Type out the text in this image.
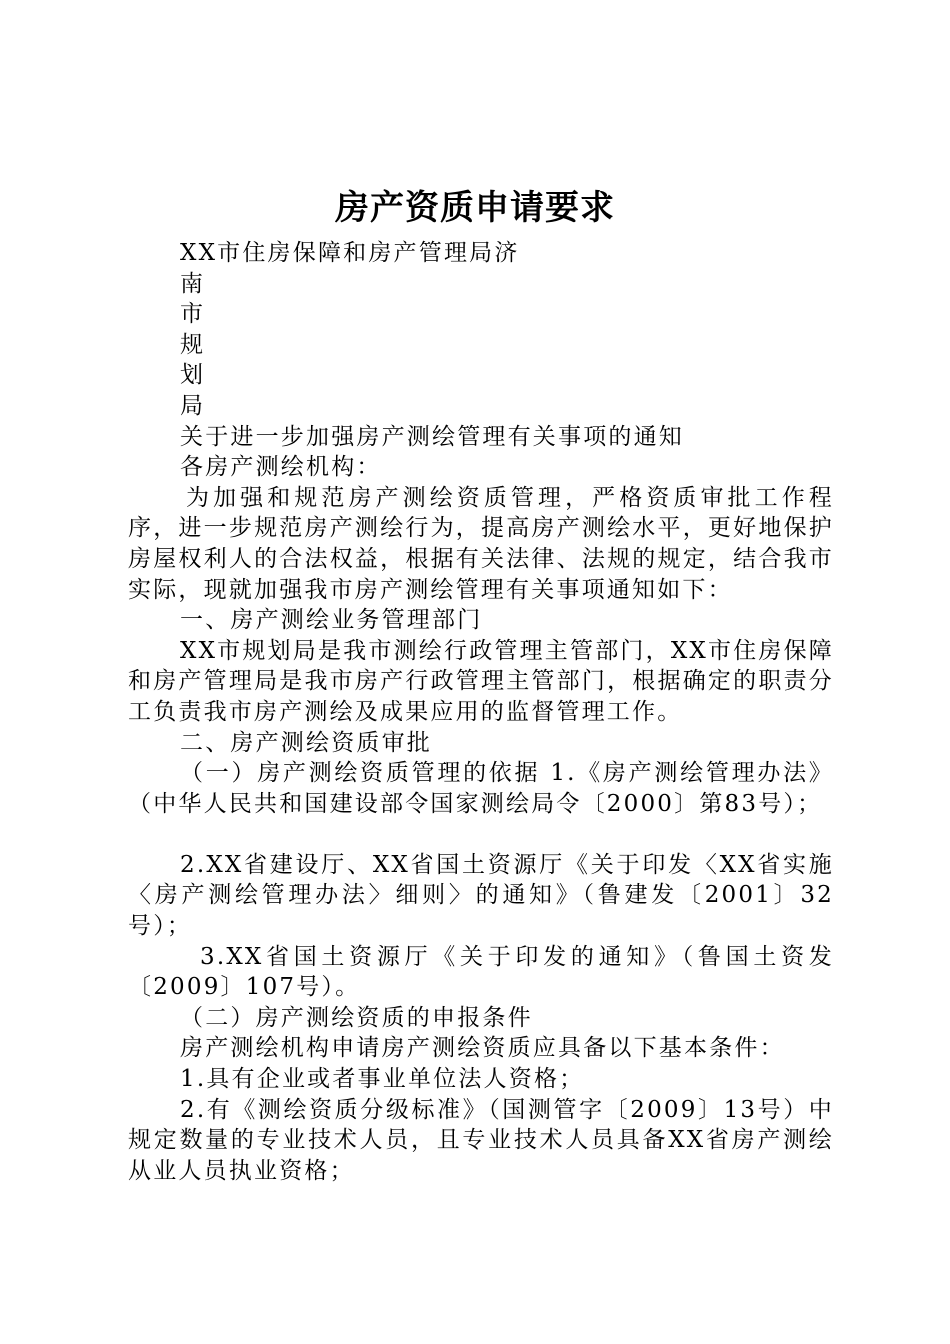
房产资质申请要求

XX市住房保障和房产管理局济

南
市
规
划
局

关于进一步加强房产测绘管理有关事项的通知

各房产测绘机构：

为加强和规范房产测绘资质管理，严格资质审批工作程序，进一步规范房产测绘行为，提高房产测绘水平，更好地保护房屋权利人的合法权益，根据有关法律、法规的规定，结合我市实际，现就加强我市房产测绘管理有关事项通知如下：

一、房产测绘业务管理部门

XX市规划局是我市测绘行政管理主管部门，XX市住房保障和房产管理局是我市房产行政管理主管部门，根据确定的职责分工负责我市房产测绘及成果应用的监督管理工作。

二、房产测绘资质审批

（一）房产测绘资质管理的依据 1.《房产测绘管理办法》（中华人民共和国建设部令国家测绘局令〔2000〕第83号）；

2.XX省建设厅、XX省国土资源厅《关于印发〈XX省实施〈房产测绘管理办法〉细则〉的通知》（鲁建发〔2001〕32号）；

3.XX省国土资源厅《关于印发的通知》（鲁国土资发〔2009〕107号）。

（二）房产测绘资质的申报条件

房产测绘机构申请房产测绘资质应具备以下基本条件：

1.具有企业或者事业单位法人资格；

2.有《测绘资质分级标准》（国测管字〔2009〕13号）中规定数量的专业技术人员，且专业技术人员具备XX省房产测绘从业人员执业资格；
